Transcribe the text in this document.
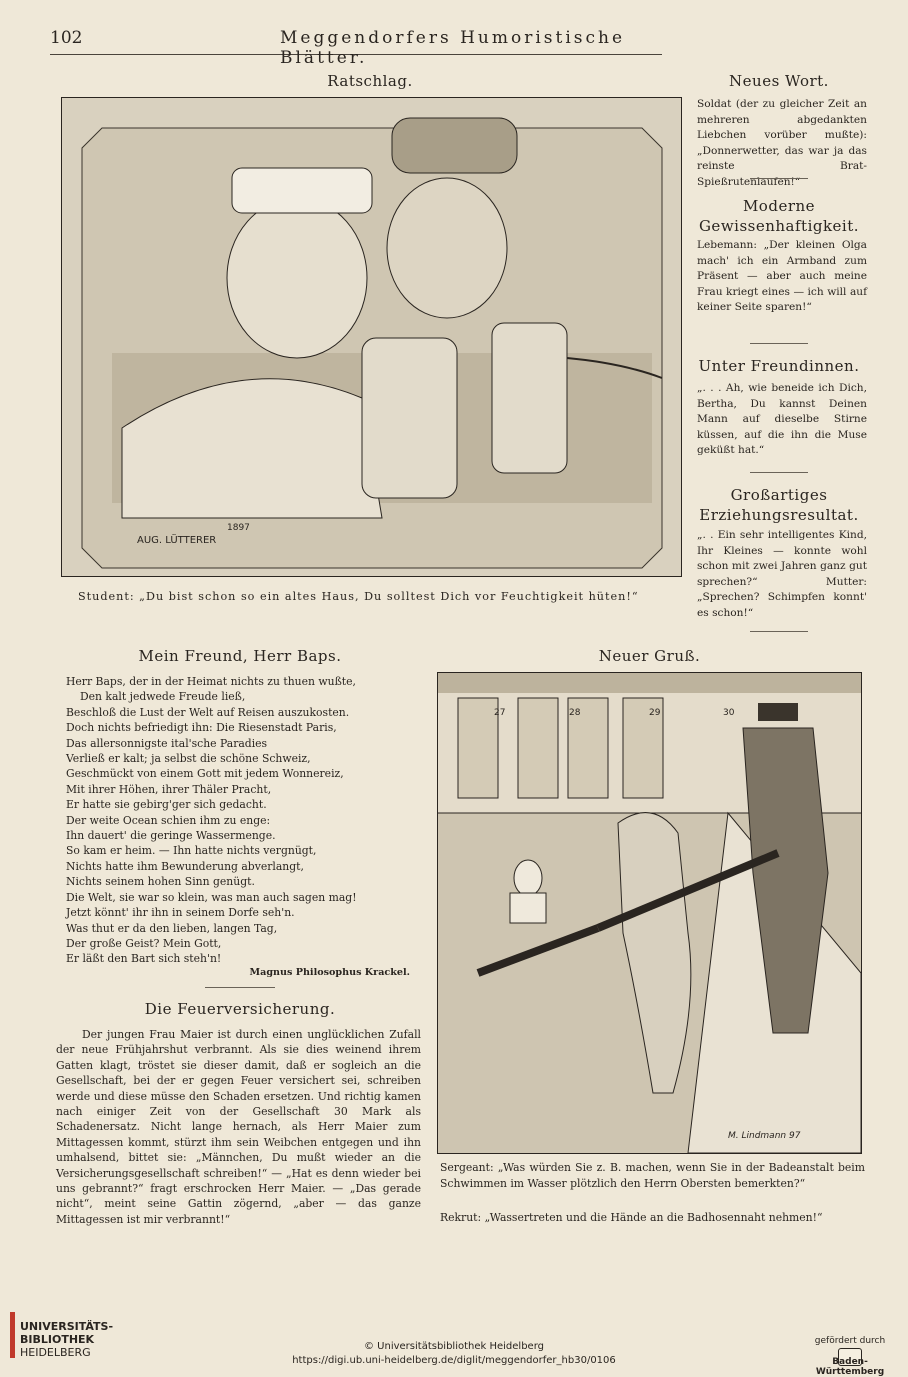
102	Meggendorfers Humoristische Blätter.
Ratschlag.
AUG. LÜTTERER
1897
Student: „Du bist schon so ein altes Haus, Du solltest Dich vor Feuchtigkeit hüten!“
Neues Wort.
Soldat (der zu gleicher Zeit an mehreren abgedankten Liebchen vorüber mußte): „Donnerwetter, das war ja das reinste Brat-Spießrutenlaufen!“
Moderne
Gewissenhaftigkeit.
Lebemann: „Der kleinen Olga mach' ich ein Armband zum Präsent — aber auch meine Frau kriegt eines — ich will auf keiner Seite sparen!“
Unter Freundinnen.
„. . . Ah, wie beneide ich Dich, Bertha, Du kannst Deinen Mann auf dieselbe Stirne küssen, auf die ihn die Muse geküßt hat.“
Großartiges
Erziehungsresultat.
„. . Ein sehr intelligentes Kind, Ihr Kleines — konnte wohl schon mit zwei Jahren ganz gut sprechen?“ Mutter: „Sprechen? Schimpfen konnt' es schon!“
Mein Freund, Herr Baps.
Herr Baps, der in der Heimat nichts zu thuen wußte,
Den kalt jedwede Freude ließ,
Beschloß die Lust der Welt auf Reisen auszukosten.
Doch nichts befriedigt ihn: Die Riesenstadt Paris,
Das allersonnigste ital'sche Paradies
Verließ er kalt; ja selbst die schöne Schweiz,
Geschmückt von einem Gott mit jedem Wonnereiz,
Mit ihrer Höhen, ihrer Thäler Pracht,
Er hatte sie gebirg'ger sich gedacht.
Der weite Ocean schien ihm zu enge:
Ihn dauert' die geringe Wassermenge.
So kam er heim. — Ihn hatte nichts vergnügt,
Nichts hatte ihm Bewunderung abverlangt,
Nichts seinem hohen Sinn genügt.
Die Welt, sie war so klein, was man auch sagen mag!
Jetzt könnt' ihr ihn in seinem Dorfe seh'n.
Was thut er da den lieben, langen Tag,
Der große Geist? Mein Gott,
Er läßt den Bart sich steh'n!
Magnus Philosophus Krackel.
Die Feuerversicherung.
Der jungen Frau Maier ist durch einen unglücklichen Zufall der neue Frühjahrshut verbrannt. Als sie dies weinend ihrem Gatten klagt, tröstet sie dieser damit, daß er sogleich an die Gesellschaft, bei der er gegen Feuer versichert sei, schreiben werde und diese müsse den Schaden ersetzen. Und richtig kamen nach einiger Zeit von der Gesellschaft 30 Mark als Schadenersatz. Nicht lange hernach, als Herr Maier zum Mittagessen kommt, stürzt ihm sein Weibchen entgegen und ihn umhalsend, bittet sie: „Männchen, Du mußt wieder an die Versicherungsgesellschaft schreiben!“ — „Hat es denn wieder bei uns gebrannt?“ fragt erschrocken Herr Maier. — „Das gerade nicht“, meint seine Gattin zögernd, „aber — das ganze Mittagessen ist mir verbrannt!“
Neuer Gruß.
27	28	29	30
M. Lindmann 97
Sergeant: „Was würden Sie z. B. machen, wenn Sie in der Badeanstalt beim Schwimmen im Wasser plötzlich den Herrn Obersten bemerkten?“
Rekrut: „Wassertreten und die Hände an die Badhosennaht nehmen!“
UNIVERSITÄTS-
BIBLIOTHEK
HEIDELBERG	© Universitätsbibliothek Heidelberg
https://digi.ub.uni-heidelberg.de/diglit/meggendorfer_hb30/0106
gefördert durch
Baden-Württemberg
